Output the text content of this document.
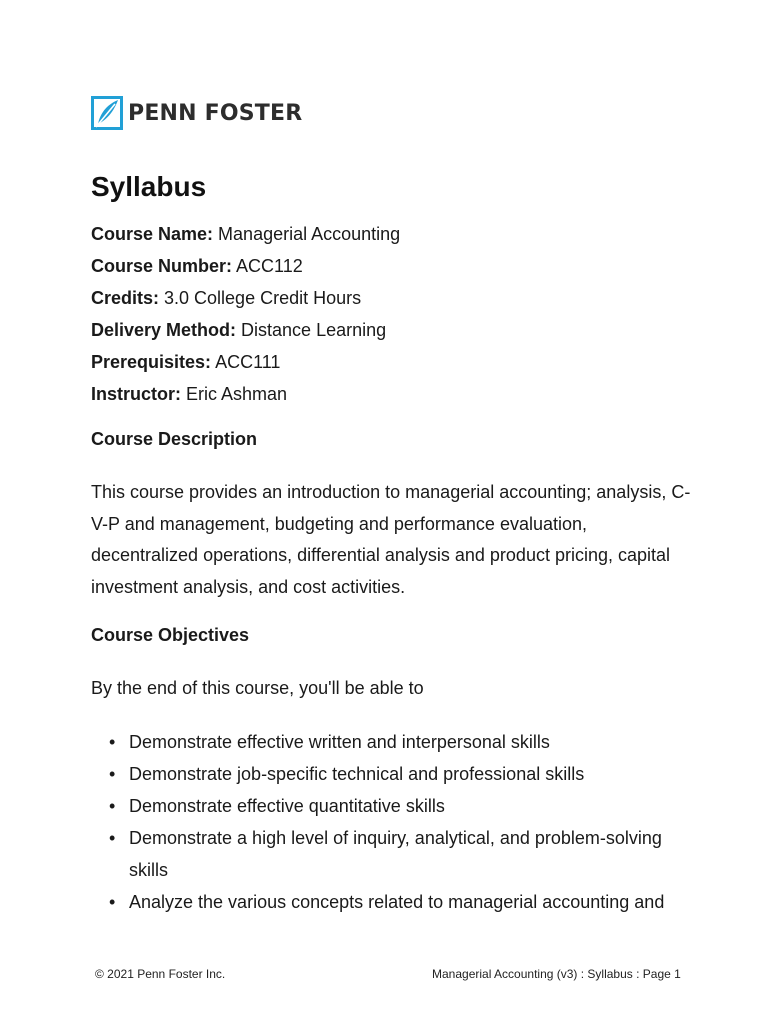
PENN FOSTER
Syllabus
Course Name: Managerial Accounting
Course Number: ACC112
Credits: 3.0 College Credit Hours
Delivery Method: Distance Learning
Prerequisites: ACC111
Instructor: Eric Ashman
Course Description

This course provides an introduction to managerial accounting; analysis, C-V-P and management, budgeting and performance evaluation, decentralized operations, differential analysis and product pricing, capital investment analysis, and cost activities.

Course Objectives

By the end of this course, you'll be able to

• Demonstrate effective written and interpersonal skills
• Demonstrate job-specific technical and professional skills
• Demonstrate effective quantitative skills
• Demonstrate a high level of inquiry, analytical, and problem-solving skills
• Analyze the various concepts related to managerial accounting and
© 2021 Penn Foster Inc.	Managerial Accounting (v3) : Syllabus : Page 1
